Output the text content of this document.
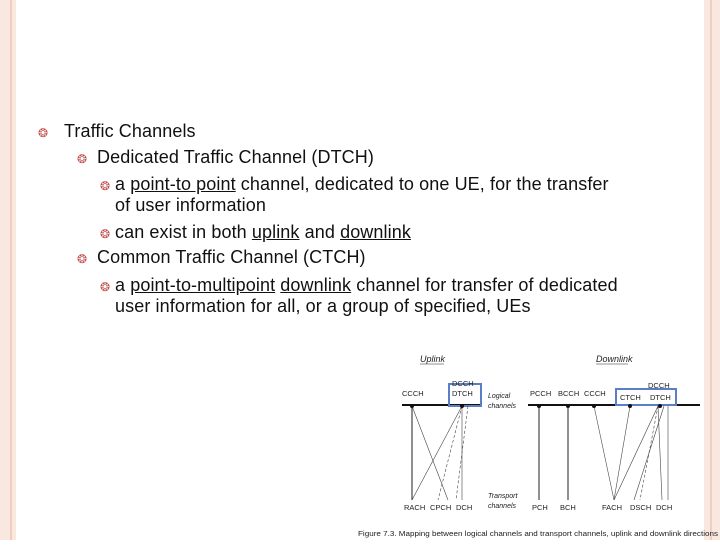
❂ Traffic Channels
❂ Dedicated Traffic Channel (DTCH)
❂ a point-to point channel, dedicated to one UE, for the transfer
of user information
❂ can exist in both uplink and downlink
❂ Common Traffic Channel (CTCH)
❂ a point-to-multipoint downlink channel for transfer of dedicated
user information for all, or a group of specified, UEs
Uplink	Downlink
CCCH
DCCH
DTCH Logical
channels
Transport
channels
PCCH BCCH CCCH CTCH
DCCH
DTCH
RACH CPCH DCH	PCH BCH	FACH DSCH DCH
Figure 7.3. Mapping between logical channels and transport channels, uplink and downlink directions
